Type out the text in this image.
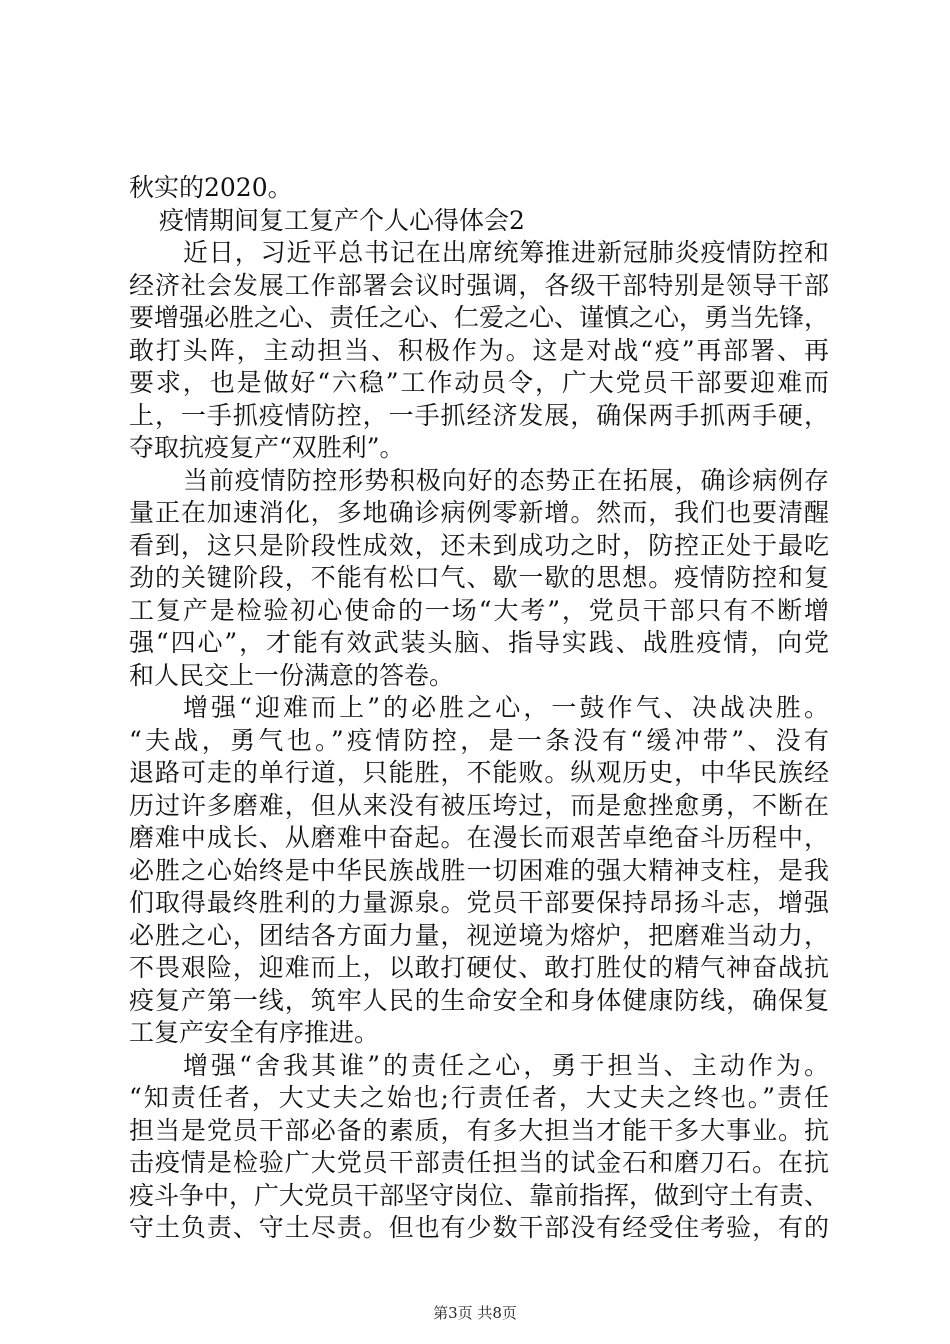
秋实的2020。
疫情期间复工复产个人心得体会2
近日，习近平总书记在出席统筹推进新冠肺炎疫情防控和
经济社会发展工作部署会议时强调，各级干部特别是领导干部
要增强必胜之心、责任之心、仁爱之心、谨慎之心，勇当先锋，
敢打头阵，主动担当、积极作为。这是对战“疫”再部署、再
要求，也是做好“六稳”工作动员令，广大党员干部要迎难而
上，一手抓疫情防控，一手抓经济发展，确保两手抓两手硬，
夺取抗疫复产“双胜利”。
当前疫情防控形势积极向好的态势正在拓展，确诊病例存
量正在加速消化，多地确诊病例零新增。然而，我们也要清醒
看到，这只是阶段性成效，还未到成功之时，防控正处于最吃
劲的关键阶段，不能有松口气、歇一歇的思想。疫情防控和复
工复产是检验初心使命的一场“大考”，党员干部只有不断增
强“四心”，才能有效武装头脑、指导实践、战胜疫情，向党
和人民交上一份满意的答卷。
增强“迎难而上”的必胜之心，一鼓作气、决战决胜。
“夫战，勇气也。”疫情防控，是一条没有“缓冲带”、没有
退路可走的单行道，只能胜，不能败。纵观历史，中华民族经
历过许多磨难，但从来没有被压垮过，而是愈挫愈勇，不断在
磨难中成长、从磨难中奋起。在漫长而艰苦卓绝奋斗历程中，
必胜之心始终是中华民族战胜一切困难的强大精神支柱，是我
们取得最终胜利的力量源泉。党员干部要保持昂扬斗志，增强
必胜之心，团结各方面力量，视逆境为熔炉，把磨难当动力，
不畏艰险，迎难而上，以敢打硬仗、敢打胜仗的精气神奋战抗
疫复产第一线，筑牢人民的生命安全和身体健康防线，确保复
工复产安全有序推进。
增强“舍我其谁”的责任之心，勇于担当、主动作为。
“知责任者，大丈夫之始也;行责任者，大丈夫之终也。”责任
担当是党员干部必备的素质，有多大担当才能干多大事业。抗
击疫情是检验广大党员干部责任担当的试金石和磨刀石。在抗
疫斗争中，广大党员干部坚守岗位、靠前指挥，做到守土有责、
守土负责、守土尽责。但也有少数干部没有经受住考验，有的
第3页 共8页
